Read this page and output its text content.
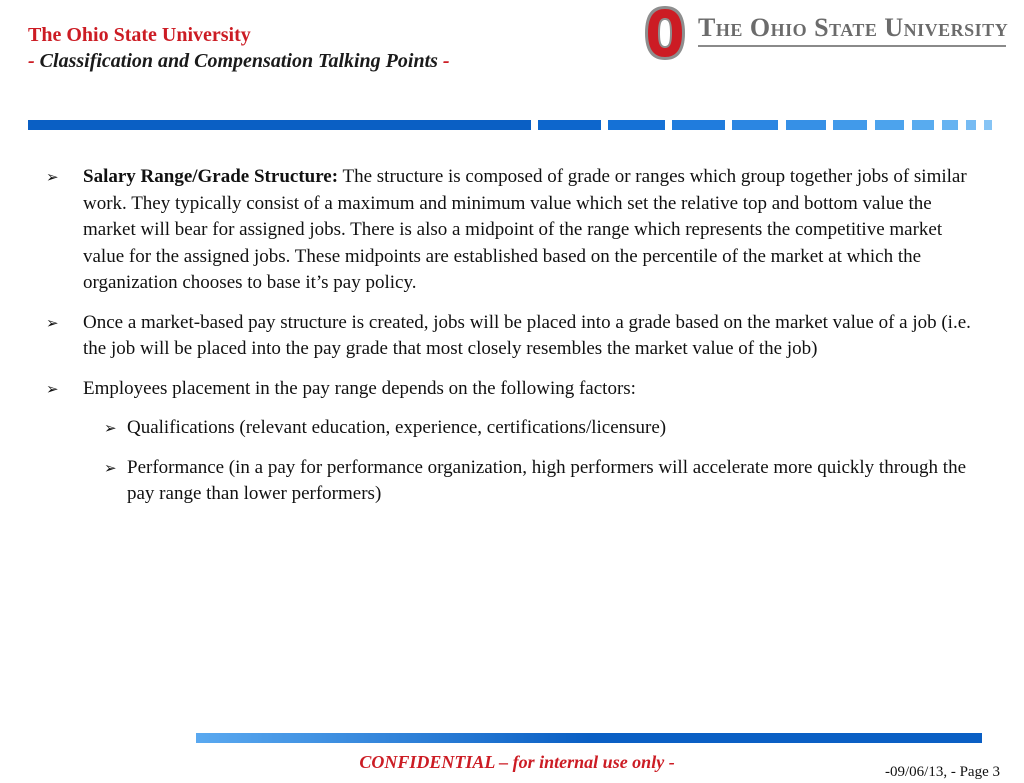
The Ohio State University
- Classification and Compensation Talking Points -
The Ohio State University
➢ Salary Range/Grade Structure: The structure is composed of grade or ranges which group together jobs of similar work. They typically consist of a maximum and minimum value which set the relative top and bottom value the market will bear for assigned jobs. There is also a midpoint of the range which represents the competitive market value for the assigned jobs. These midpoints are established based on the percentile of the market at which the organization chooses to base it’s pay policy.
➢ Once a market-based pay structure is created, jobs will be placed into a grade based on the market value of a job (i.e. the job will be placed into the pay grade that most closely resembles the market value of the job)
➢ Employees placement in the pay range depends on the following factors:
➢ Qualifications (relevant education, experience, certifications/licensure)
➢ Performance (in a pay for performance organization, high performers will accelerate more quickly through the pay range than lower performers)
CONFIDENTIAL – for internal use only -	-09/06/13, - Page 3
